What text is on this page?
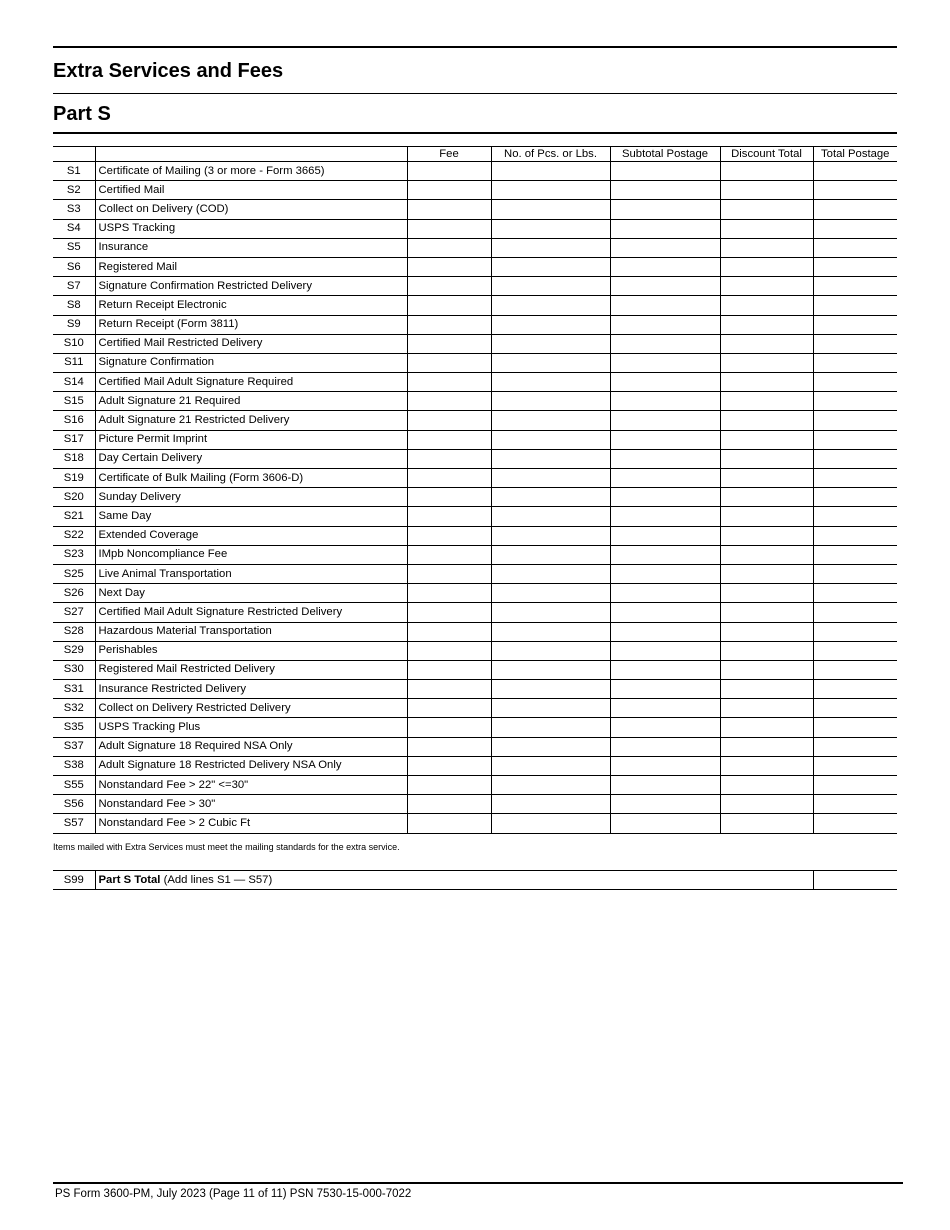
Extra Services and Fees
Part S
		Fee	No. of Pcs. or Lbs.	Subtotal Postage	Discount Total	Total Postage
S1	Certificate of Mailing (3 or more - Form 3665)					
S2	Certified Mail					
S3	Collect on Delivery (COD)					
S4	USPS Tracking					
S5	Insurance					
S6	Registered Mail					
S7	Signature Confirmation Restricted Delivery					
S8	Return Receipt Electronic					
S9	Return Receipt (Form 3811)					
S10	Certified Mail Restricted Delivery					
S11	Signature Confirmation					
S14	Certified Mail Adult Signature Required					
S15	Adult Signature 21 Required					
S16	Adult Signature 21 Restricted Delivery					
S17	Picture Permit Imprint					
S18	Day Certain Delivery					
S19	Certificate of Bulk Mailing (Form 3606-D)					
S20	Sunday Delivery					
S21	Same Day					
S22	Extended Coverage					
S23	IMpb Noncompliance Fee					
S25	Live Animal Transportation					
S26	Next Day					
S27	Certified Mail Adult Signature Restricted Delivery					
S28	Hazardous Material Transportation					
S29	Perishables					
S30	Registered Mail Restricted Delivery					
S31	Insurance Restricted Delivery					
S32	Collect on Delivery Restricted Delivery					
S35	USPS Tracking Plus					
S37	Adult Signature 18 Required NSA Only					
S38	Adult Signature 18 Restricted Delivery NSA Only					
S55	Nonstandard Fee > 22" <=30"					
S56	Nonstandard Fee > 30"					
S57	Nonstandard Fee > 2 Cubic Ft					
Items mailed with Extra Services must meet the mailing standards for the extra service.
S99	Part S Total (Add lines S1 — S57)	
PS Form 3600-PM, July 2023 (Page 11 of 11) PSN 7530-15-000-7022
